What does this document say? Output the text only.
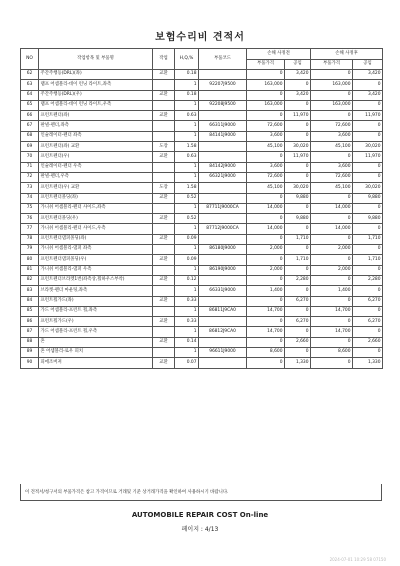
보험수리비 견적서
NO	작업항목 및 부품명	작업	H,Q,%	부품코드	손해 사정전		손해 사정후	
					부품가격	공임	부품가격	공임
62	주간주행등(DRL)(좌)	교환	0.18		0	3,420	0	3,420
63	램프 어셈블리-데이 런닝 라이트,좌측		1	92207J9500	163,000	0	163,000	0
64	주간주행등(DRL)(우)	교환	0.18		0	3,420	0	3,420
65	램프 어셈블리-데이 런닝 라이트,우측		1	92208J9500	163,000	0	163,000	0
66	프런트펜더(좌)	교환	0.63		0	11,970	0	11,970
67	판넬-펜더,좌측		1	66311J9000	72,600	0	72,600	0
68	인슐레이터-펜더 좌측		1	84141J9000	3,600	0	3,600	0
69	프런트펜더(좌) 교환	도장	1.58		45,100	30,020	45,100	30,020
70	프런트펜더(우)	교환	0.63		0	11,970	0	11,970
71	인슐레이터-펜더 우측		1	84142J9000	3,600	0	3,600	0
72	판넬-펜더,우측		1	66321J9000	72,600	0	72,600	0
73	프런트펜더(우) 교환	도장	1.58		45,100	30,020	45,100	30,020
74	프런트펜더몰딩(좌)	교환	0.52		0	9,880	0	9,880
75	가니쉬 어셈블리-펜더 사이드,좌측		1	87711J9000CA	14,000	0	14,000	0
76	프런트펜더몰딩(우)	교환	0.52		0	9,880	0	9,880
77	가니쉬 어셈블리-펜더 사이드,우측		1	87712J9000CA	14,000	0	14,000	0
78	프런트펜더댐퍼몰딩(좌)	교환	0.09		0	1,710	0	1,710
79	가니쉬 어셈블리-댐퍼 좌측		1	86180J9000	2,000	0	2,000	0
80	프런트펜더댐퍼몰딩(우)	교환	0.09		0	1,710	0	1,710
81	가니쉬 어셈블리-댐퍼 우측		1	86190J9000	2,000	0	2,000	0
82	프런트펜더브라켓1번(좌측상,휠하우스부착)	교환	0.12		0	2,280	0	2,280
83	브라켓-펜더 마운팅,좌측		1	66331J9000	1,400	0	1,400	0
84	프런트휠가드(좌)	교환	0.33		0	6,270	0	6,270
85	가드 어셈블리-프런트 휠,좌측		1	86811J9CA0	14,700	0	14,700	0
86	프런트휠가드(우)	교환	0.33		0	6,270	0	6,270
87	가드 어셈블리-프런트 휠,우측		1	86812J9CA0	14,700	0	14,700	0
88	혼	교환	0.14		0	2,660	0	2,660
89	혼 어셈블리-로우 피치		1	96611J9000	8,600	0	8,600	0
90	피에조버져	교환	0.07		0	1,330	0	1,330
이 견적서/청구서의 부품가격은 참고 가격이므로 거래및 기준 상거래가격을 확인하여 사용하시기 바랍니다.
AUTOMOBILE REPAIR COST On-line
페이지 : 4/13
2024-07-01 10:29 58 07150
